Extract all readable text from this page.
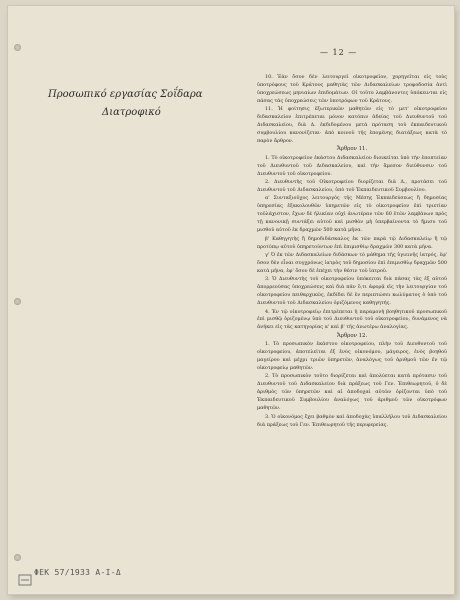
Προσωπικό εργασίας Σοΐδαρα
Διατροφικό
— 12 —

10. Ἐὰν ὅσον δὲν λειτουργεῖ οἰκοτροφεῖον, χορηγεῖται εἰς τοὺς ὑποτρόφους τοῦ Κράτους μαθητὰς τῶν Διδασκαλείων τροφοδοσία ἀντὶ ὑποχρεώσεως μηνιαίων ἐπιδομάτων. Οἱ τοῦτο λαμβάνοντες ὑπόκεινται εἰς πάσας τὰς ὑποχρεώσεις τῶν ὑποτρόφων τοῦ Κράτους.

11. Ἡ φοίτησις ἐξωτερικῶν μαθητῶν εἰς τὸ μετ' οἰκοτροφείου διδασκαλεῖον ἐπιτρέπεται μόνον κατόπιν ἀδείας τοῦ Διευθυντοῦ τοῦ Διδασκαλείου, διὰ Δ. ἐκδιδομένου μετὰ πρόταση τοῦ ἐκπαιδευτικοῦ συμβουλίου κανονίζεται· ἀπὸ κοινοῦ τῆς ἑπομένης διατάξεως κατὰ τὸ παρὸν ἄρθρον.

Ἄρθρον 11.

1. Τὸ οἰκοτροφεῖον ἑκάστου Διδασκαλείου διοικεῖται ὑπὸ τὴν ἐποπτείαν τοῦ Διευθυντοῦ τοῦ Διδασκαλείου, καὶ τὴν ἄμεσον διεύθυνσιν τοῦ Διευθυντοῦ τοῦ οἰκοτροφείου.

2. Διευθυντὴς τοῦ Οἰκοτροφείου διορίζεται διὰ Δ., προτάσει τοῦ Διευθυντοῦ τοῦ Διδασκαλείου, ὑπὸ τοῦ Ἐκπαιδευτικοῦ Συμβουλίου.

α' Συνταξιοῦχος λειτουργὸς τῆς Μέσης Ἐκπαιδεύσεως ἢ δημοσίας ὑπηρεσίας ἐξακολουθῶν ὑπηρετῶν εἰς τὸ οἰκοτροφεῖον ἐπὶ τριετίαν τοὐλάχιστον, ἔχων δὲ ἡλικίαν οὐχὶ ἀνωτέραν τῶν 60 ἐτῶν λαμβάνων πρὸς τῇ κανονικῇ συντάξει αὐτοῦ καὶ μισθὸν μὴ ὑπερβαίνοντα τὸ ἥμισυ τοῦ μισθοῦ αὐτοῦ ἐκ δραχμῶν 500 κατὰ μῆνα.

β' Καθηγητὴς ἢ δημοδιδάσκαλος ἐκ τῶν παρὰ τῷ Διδασκαλείῳ ἢ τῷ προτύπῳ αὐτοῦ ὑπηρετούντων ἐπὶ ἐπιμισθίῳ δραχμῶν 300 κατὰ μῆνα.

γ' Ὁ ἐκ τῶν Διδασκαλείων διδάσκων τὸ μάθημα τῆς ὑγιεινῆς ἰατρός, ἐφ' ὅσον δὲν εἶναι συγχρόνως ἰατρὸς τοῦ δημοσίου ἐπὶ ἐπιμισθίῳ δραχμῶν 500 κατὰ μῆνα, ἐφ' ὅσον δὲ ἐπέχει τὴν θέσιν τοῦ ἰατροῦ.

3. Ὁ Διευθυντὴς τοῦ οἰκοτροφείου ὑπόκειται διὰ πάσας τὰς ἐξ αὐτοῦ ἀπορρεούσας ὑποχρεώσεις καὶ διὰ πᾶν ὅ,τι ἀφορᾷ εἰς τὴν λειτουργίαν τοῦ οἰκοτροφείου πειθαρχικῶς, ἐκδίδει δὲ ἐν περιπτώσει κωλύματος ὁ ὑπὸ τοῦ Διευθυντοῦ τοῦ Διδασκαλείου ὁριζόμενος καθηγητής.

4. Ἐν τῷ οἰκοτροφείῳ ἐπιτρέπεται ἡ παραμονὴ βοηθητικοῦ προσωπικοῦ ἐπὶ μισθῷ ὁριζομένῳ ὑπὸ τοῦ Διευθυντοῦ τοῦ οἰκοτροφείου, δυνάμενος νὰ ἀνήκει εἰς τὰς κατηγορίας α' καὶ β' τῆς ἀνωτέρω ἀναλογίας.

Ἄρθρον 12.

1. Τὸ προσωπικὸν ἑκάστου οἰκοτροφείου, πλὴν τοῦ Διευθυντοῦ τοῦ οἰκοτροφείου, ἀποτελεῖται ἐξ ἑνὸς οἰκονόμου, μάγειρος, ἑνὸς βοηθοῦ μαγείρου καὶ μέχρι τριῶν ὑπηρετῶν, ἀναλόγως τοῦ ἀριθμοῦ τῶν ἐν τῷ οἰκοτροφείῳ μαθητῶν.

2. Τὸ προσωπικὸν τοῦτο διορίζεται καὶ ἀπολύεται κατὰ πρότασιν τοῦ Διευθυντοῦ τοῦ Διδασκαλείου διὰ πράξεως τοῦ Γεν. Ἐπιθεωρητοῦ, ὁ δὲ ἀριθμὸς τῶν ὑπηρετῶν καὶ αἱ ἀποδοχαὶ αὐτῶν ὁρίζονται ὑπὸ τοῦ Ἐκπαιδευτικοῦ Συμβουλίου ἀναλόγως τοῦ ἀριθμοῦ τῶν οἰκοτρόφων μαθητῶν.

3. Ὁ οἰκονόμος ἔχει βαθμὸν καὶ ἀποδοχὰς ὑπαλλήλου τοῦ Διδασκαλείου διὰ πράξεως τοῦ Γεν. Ἐπιθεωρητοῦ τῆς περιφερείας.

ΦΕΚ 57/1933 Α-Ι-Δ
